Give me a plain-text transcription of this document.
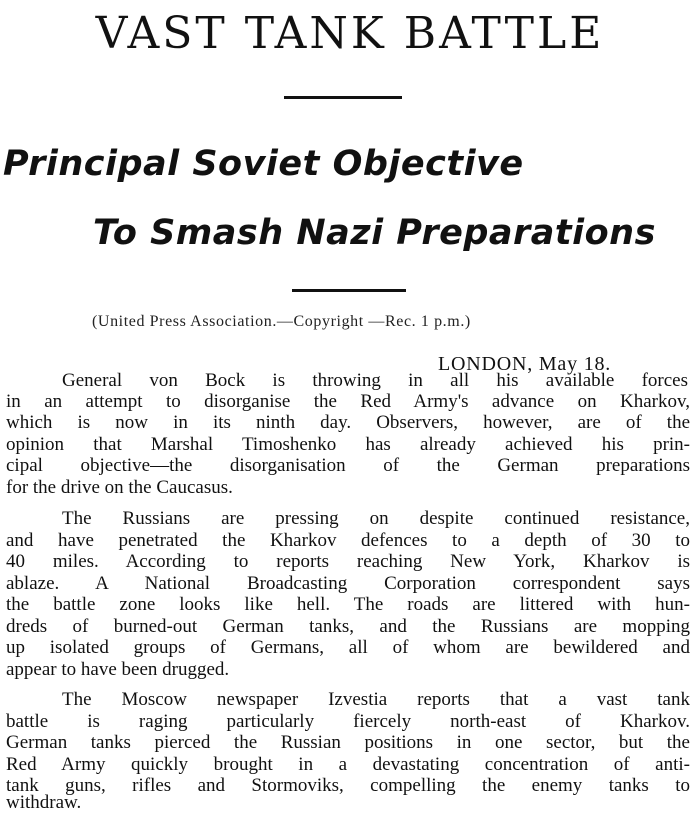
VAST TANK BATTLE
Principal Soviet Objective
To Smash Nazi Preparations
(United Press Association.—Copyright —Rec. 1 p.m.)
LONDON, May 18.
General von Bock is throwing in all his available forces
in an attempt to disorganise the Red Army's advance on Kharkov,
which is now in its ninth day. Observers, however, are of the
opinion that Marshal Timoshenko has already achieved his prin-
cipal objective—the disorganisation of the German preparations
for the drive on the Caucasus.
The Russians are pressing on despite continued resistance,
and have penetrated the Kharkov defences to a depth of 30 to
40 miles. According to reports reaching New York, Kharkov is
ablaze. A National Broadcasting Corporation correspondent says
the battle zone looks like hell. The roads are littered with hun-
dreds of burned-out German tanks, and the Russians are mopping
up isolated groups of Germans, all of whom are bewildered and
appear to have been drugged.
The Moscow newspaper Izvestia reports that a vast tank
battle is raging particularly fiercely north-east of Kharkov.
German tanks pierced the Russian positions in one sector, but the
Red Army quickly brought in a devastating concentration of anti-
tank guns, rifles and Stormoviks, compelling the enemy tanks to
withdraw.
